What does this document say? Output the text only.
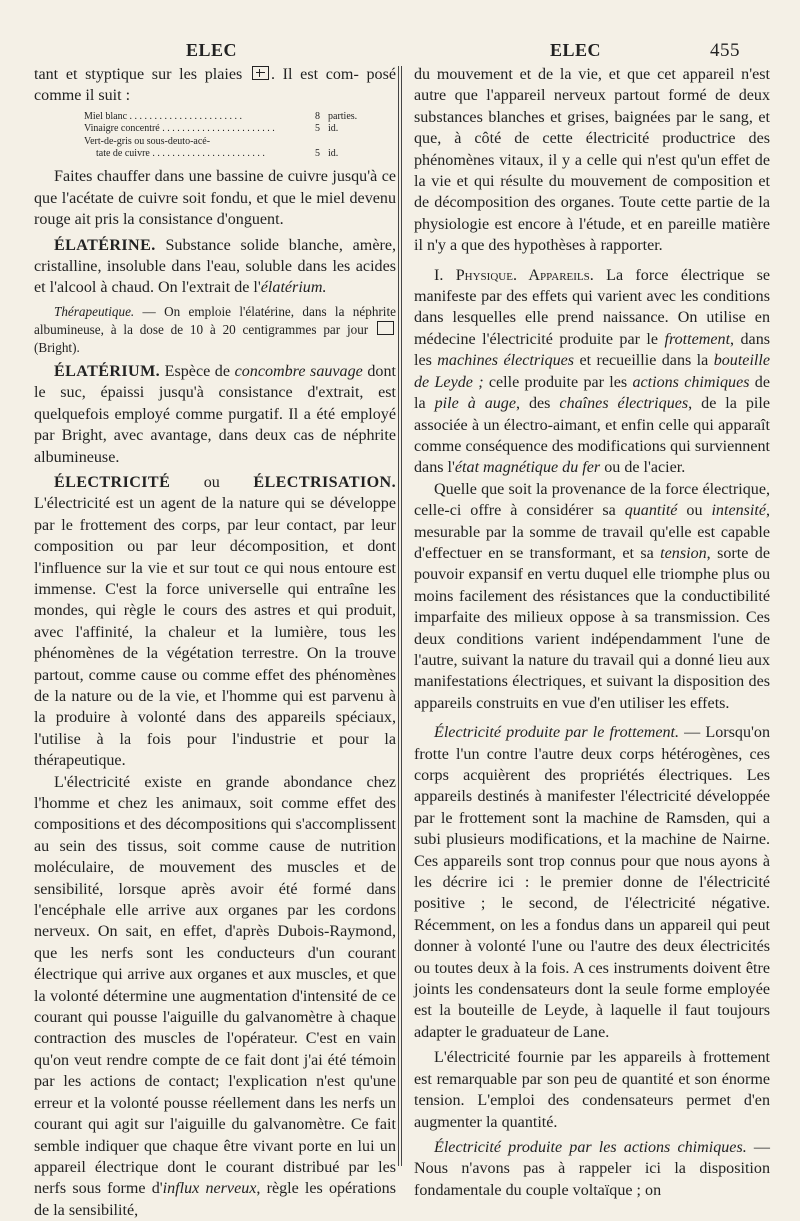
ELEC	ELEC	455

tant et styptique sur les plaies . Il est com- posé comme il suit :

Miel blanc . . .	8 parties.
Vinaigre concentré . . .	5 id.
Vert-de-gris ou sous-deuto-acé-
tate de cuivre . . .	5 id.

Faites chauffer dans une bassine de cuivre jusqu'à ce que l'acétate de cuivre soit fondu, et que le miel devenu rouge ait pris la consistance d'onguent.

ÉLATÉRINE. Substance solide blanche, amère, cristalline, insoluble dans l'eau, soluble dans les acides et l'alcool à chaud. On l'extrait de l'élatérium.

Thérapeutique. — On emploie l'élatérine, dans la néphrite albumineuse, à la dose de 10 à 20 centigrammes par jour  (Bright).

ÉLATÉRIUM. Espèce de concombre sauvage dont le suc, épaissi jusqu'à consistance d'extrait, est quelquefois employé comme purgatif. Il a été employé par Bright, avec avantage, dans deux cas de néphrite albumineuse.

ÉLECTRICITÉ ou ÉLECTRISATION. L'électricité est un agent de la nature qui se développe par le frottement des corps, par leur contact, par leur composition ou par leur décomposition, et dont l'influence sur la vie et sur tout ce qui nous entoure est immense. C'est la force universelle qui entraîne les mondes, qui règle le cours des astres et qui produit, avec l'affinité, la chaleur et la lumière, tous les phénomènes de la végétation terrestre. On la trouve partout, comme cause ou comme effet des phénomènes de la nature ou de la vie, et l'homme qui est parvenu à la produire à volonté dans des appareils spéciaux, l'utilise à la fois pour l'industrie et pour la thérapeutique.

L'électricité existe en grande abondance chez l'homme et chez les animaux, soit comme effet des compositions et des décompositions qui s'accomplissent au sein des tissus, soit comme cause de nutrition moléculaire, de mouvement des muscles et de sensibilité, lorsque après avoir été formé dans l'encéphale elle arrive aux organes par les cordons nerveux. On sait, en effet, d'après Dubois-Raymond, que les nerfs sont les conducteurs d'un courant électrique qui arrive aux organes et aux muscles, et que la volonté détermine une augmentation d'intensité de ce courant qui pousse l'aiguille du galvanomètre à chaque contraction des muscles de l'opérateur. C'est en vain qu'on veut rendre compte de ce fait dont j'ai été témoin par les actions de contact; l'explication n'est qu'une erreur et la volonté pousse réellement dans les nerfs un courant qui agit sur l'aiguille du galvanomètre. Ce fait semble indiquer que chaque être vivant porte en lui un appareil électrique dont le courant distribué par les nerfs sous forme d'influx nerveux, règle les opérations de la sensibilité,

du mouvement et de la vie, et que cet appareil n'est autre que l'appareil nerveux partout formé de deux substances blanches et grises, baignées par le sang, et que, à côté de cette électricité productrice des phénomènes vitaux, il y a celle qui n'est qu'un effet de la vie et qui résulte du mouvement de composition et de décomposition des organes. Toute cette partie de la physiologie est encore à l'étude, et en pareille matière il n'y a que des hypothèses à rapporter.

I. Physique. Appareils. La force électrique se manifeste par des effets qui varient avec les conditions dans lesquelles elle prend naissance. On utilise en médecine l'électricité produite par le frottement, dans les machines électriques et recueillie dans la bouteille de Leyde ; celle produite par les actions chimiques de la pile à auge, des chaînes électriques, de la pile associée à un électro-aimant, et enfin celle qui apparaît comme conséquence des modifications qui surviennent dans l'état magnétique du fer ou de l'acier.

Quelle que soit la provenance de la force électrique, celle-ci offre à considérer sa quantité ou intensité, mesurable par la somme de travail qu'elle est capable d'effectuer en se transformant, et sa tension, sorte de pouvoir expansif en vertu duquel elle triomphe plus ou moins facilement des résistances que la conductibilité imparfaite des milieux oppose à sa transmission. Ces deux conditions varient indépendamment l'une de l'autre, suivant la nature du travail qui a donné lieu aux manifestations électriques, et suivant la disposition des appareils construits en vue d'en utiliser les effets.

Électricité produite par le frottement. — Lorsqu'on frotte l'un contre l'autre deux corps hétérogènes, ces corps acquièrent des propriétés électriques. Les appareils destinés à manifester l'électricité développée par le frottement sont la machine de Ramsden, qui a subi plusieurs modifications, et la machine de Nairne. Ces appareils sont trop connus pour que nous ayons à les décrire ici : le premier donne de l'électricité positive ; le second, de l'électricité négative. Récemment, on les a fondus dans un appareil qui peut donner à volonté l'une ou l'autre des deux électricités ou toutes deux à la fois. A ces instruments doivent être joints les condensateurs dont la seule forme employée est la bouteille de Leyde, à laquelle il faut toujours adapter le graduateur de Lane.

L'électricité fournie par les appareils à frottement est remarquable par son peu de quantité et son énorme tension. L'emploi des condensateurs permet d'en augmenter la quantité.

Électricité produite par les actions chimiques. — Nous n'avons pas à rappeler ici la disposition fondamentale du couple voltaïque ; on
